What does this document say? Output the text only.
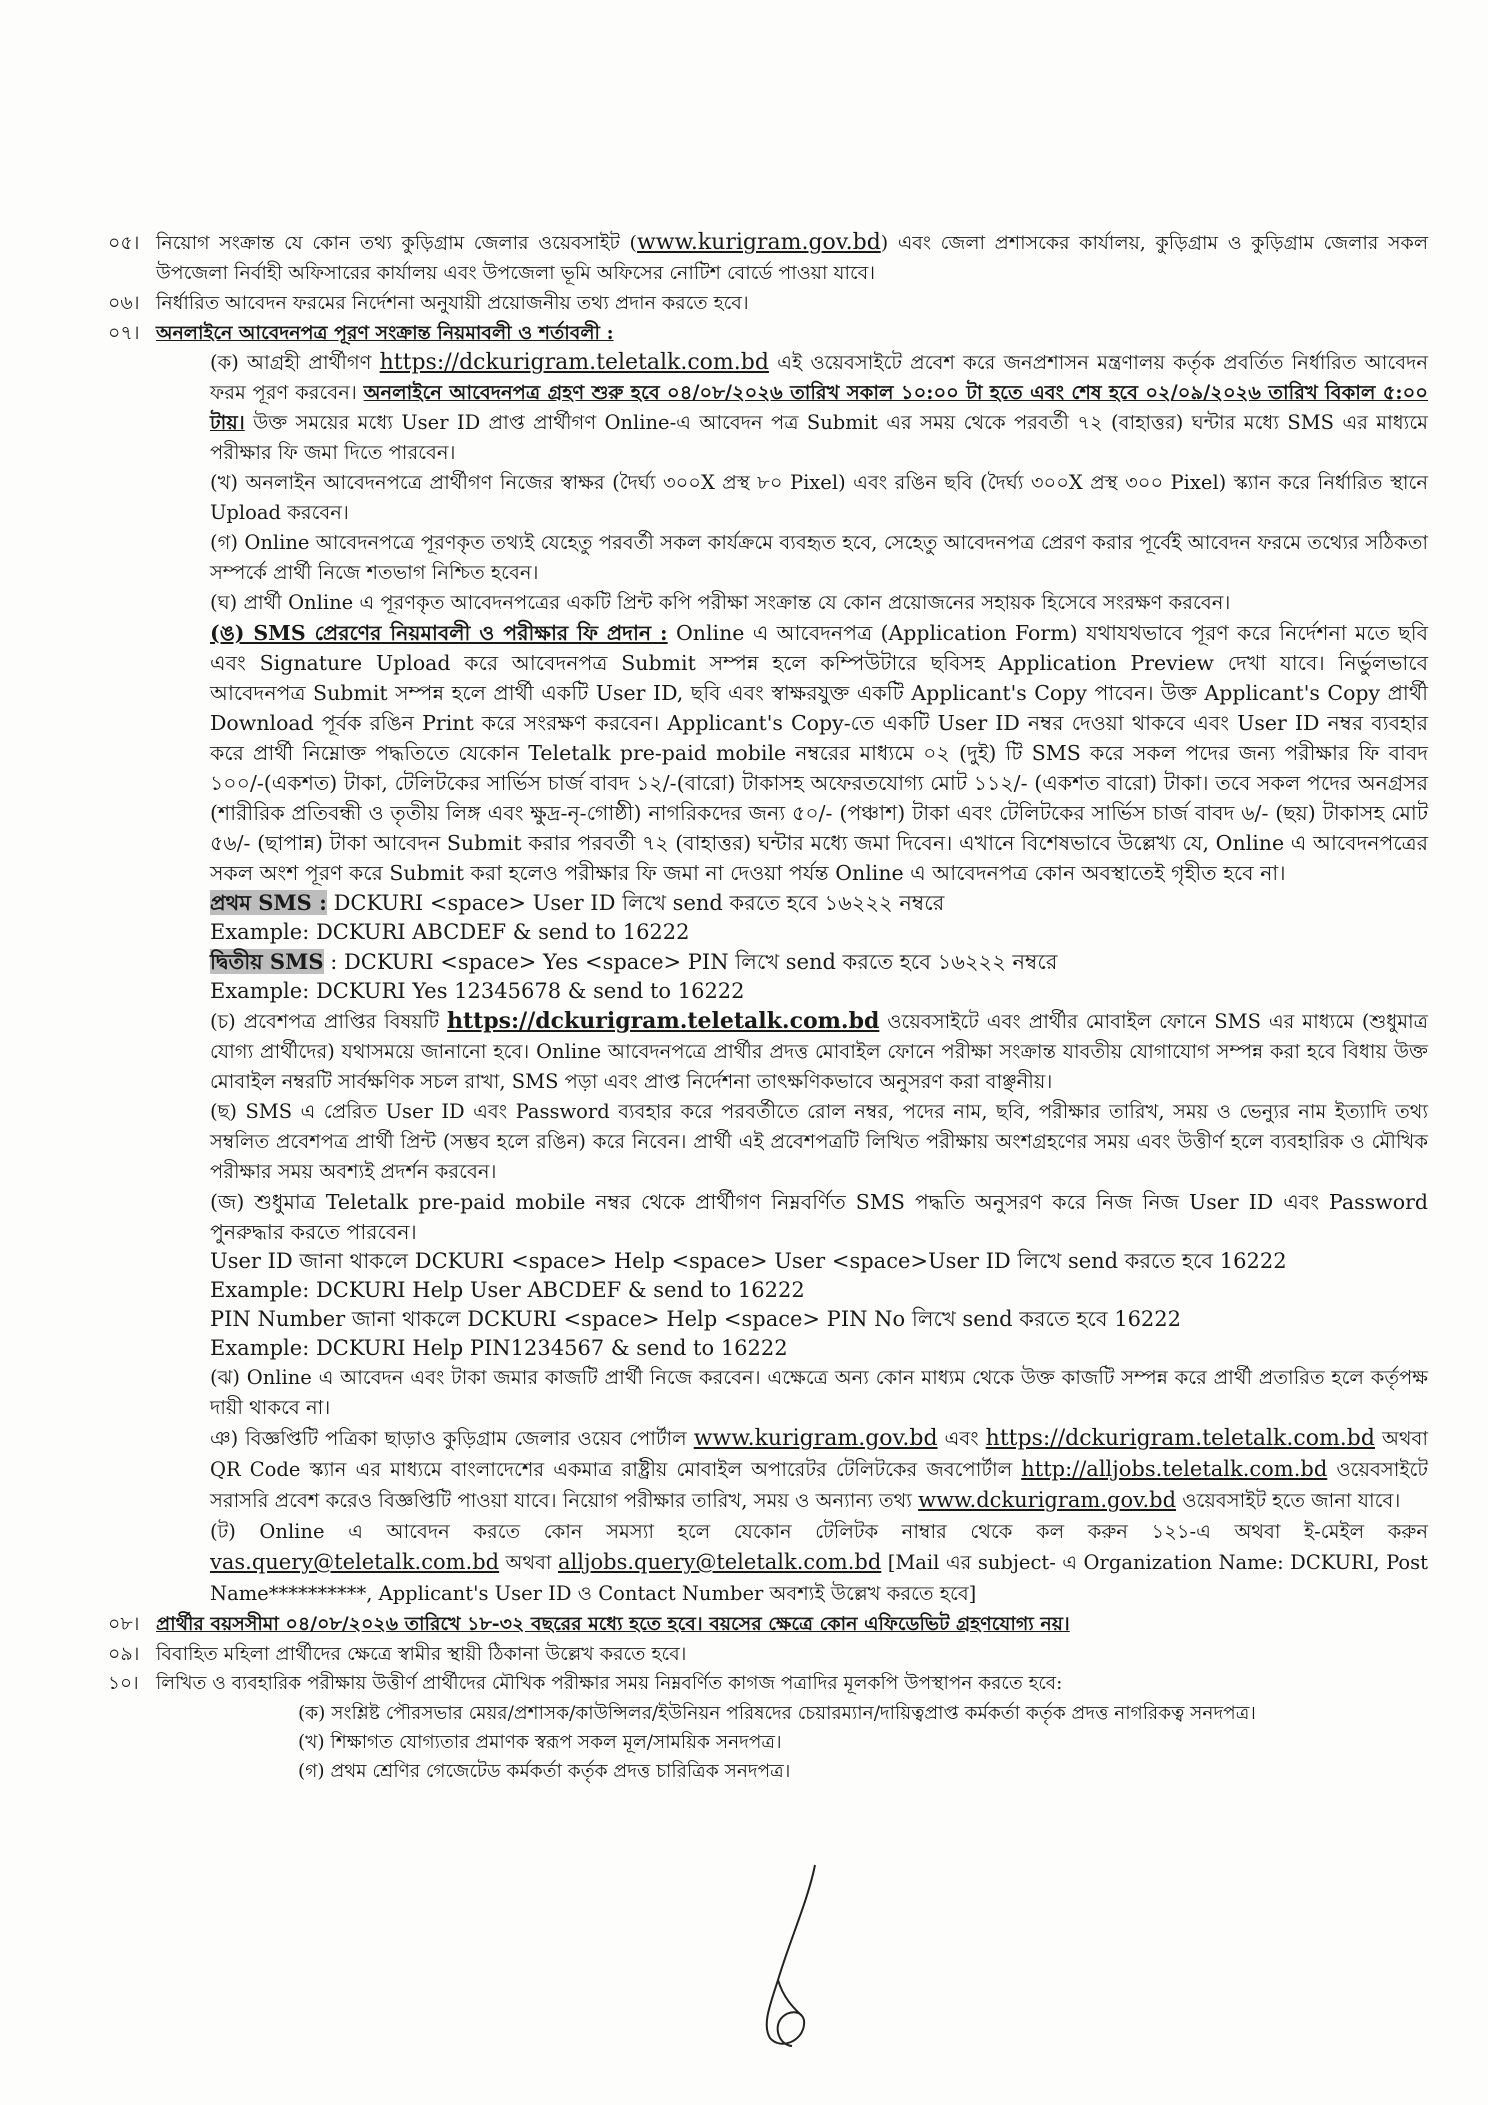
০৫। নিয়োগ সংক্রান্ত যে কোন তথ্য কুড়িগ্রাম জেলার ওয়েবসাইট (www.kurigram.gov.bd) এবং জেলা প্রশাসকের কার্যালয়, কুড়িগ্রাম ও কুড়িগ্রাম জেলার সকল উপজেলা নির্বাহী অফিসারের কার্যালয় এবং উপজেলা ভূমি অফিসের নোটিশ বোর্ডে পাওয়া যাবে।
০৬। নির্ধারিত আবেদন ফরমের নির্দেশনা অনুযায়ী প্রয়োজনীয় তথ্য প্রদান করতে হবে।
০৭। অনলাইনে আবেদনপত্র পূরণ সংক্রান্ত নিয়মাবলী ও শর্তাবলী :
(ক) আগ্রহী প্রার্থীগণ https://dckurigram.teletalk.com.bd এই ওয়েবসাইটে প্রবেশ করে জনপ্রশাসন মন্ত্রণালয় কর্তৃক প্রবর্তিত নির্ধারিত আবেদন ফরম পূরণ করবেন। অনলাইনে আবেদনপত্র গ্রহণ শুরু হবে ০৪/০৮/২০২৬ তারিখ সকাল ১০:০০ টা হতে এবং শেষ হবে ০২/০৯/২০২৬ তারিখ বিকাল ৫:০০ টায়। উক্ত সময়ের মধ্যে User ID প্রাপ্ত প্রার্থীগণ Online-এ আবেদন পত্র Submit এর সময় থেকে পরবর্তী ৭২ (বাহাত্তর) ঘন্টার মধ্যে SMS এর মাধ্যমে পরীক্ষার ফি জমা দিতে পারবেন।
(খ) অনলাইন আবেদনপত্রে প্রার্থীগণ নিজের স্বাক্ষর (দৈর্ঘ্য ৩০০X প্রস্থ ৮০ Pixel) এবং রঙিন ছবি (দৈর্ঘ্য ৩০০X প্রস্থ ৩০০ Pixel) স্ক্যান করে নির্ধারিত স্থানে Upload করবেন।
(গ) Online আবেদনপত্রে পূরণকৃত তথ্যই যেহেতু পরবর্তী সকল কার্যক্রমে ব্যবহৃত হবে, সেহেতু আবেদনপত্র প্রেরণ করার পূর্বেই আবেদন ফরমে তথ্যের সঠিকতা সম্পর্কে প্রার্থী নিজে শতভাগ নিশ্চিত হবেন।
(ঘ) প্রার্থী Online এ পূরণকৃত আবেদনপত্রের একটি প্রিন্ট কপি পরীক্ষা সংক্রান্ত যে কোন প্রয়োজনের সহায়ক হিসেবে সংরক্ষণ করবেন।
(ঙ) SMS প্রেরণের নিয়মাবলী ও পরীক্ষার ফি প্রদান : Online এ আবেদনপত্র (Application Form) যথাযথভাবে পূরণ করে নির্দেশনা মতে ছবি এবং Signature Upload করে আবেদনপত্র Submit সম্পন্ন হলে কম্পিউটারে ছবিসহ Application Preview দেখা যাবে। নির্ভুলভাবে আবেদনপত্র Submit সম্পন্ন হলে প্রার্থী একটি User ID, ছবি এবং স্বাক্ষরযুক্ত একটি Applicant's Copy পাবেন। উক্ত Applicant's Copy প্রার্থী Download পূর্বক রঙিন Print করে সংরক্ষণ করবেন। Applicant's Copy-তে একটি User ID নম্বর দেওয়া থাকবে এবং User ID নম্বর ব্যবহার করে প্রার্থী নিম্নোক্ত পদ্ধতিতে যেকোন Teletalk pre-paid mobile নম্বরের মাধ্যমে ০২ (দুই) টি SMS করে সকল পদের জন্য পরীক্ষার ফি বাবদ ১০০/-(একশত) টাকা, টেলিটকের সার্ভিস চার্জ বাবদ ১২/-(বারো) টাকাসহ অফেরতযোগ্য মোট ১১২/- (একশত বারো) টাকা। তবে সকল পদের অনগ্রসর (শারীরিক প্রতিবন্ধী ও তৃতীয় লিঙ্গ এবং ক্ষুদ্র-নৃ-গোষ্ঠী) নাগরিকদের জন্য ৫০/- (পঞ্চাশ) টাকা এবং টেলিটকের সার্ভিস চার্জ বাবদ ৬/- (ছয়) টাকাসহ মোট ৫৬/- (ছাপান্ন) টাকা আবেদন Submit করার পরবর্তী ৭২ (বাহাত্তর) ঘন্টার মধ্যে জমা দিবেন। এখানে বিশেষভাবে উল্লেখ্য যে, Online এ আবেদনপত্রের সকল অংশ পূরণ করে Submit করা হলেও পরীক্ষার ফি জমা না দেওয়া পর্যন্ত Online এ আবেদনপত্র কোন অবস্থাতেই গৃহীত হবে না।
প্রথম SMS : DCKURI <space> User ID লিখে send করতে হবে ১৬২২২ নম্বরে
Example: DCKURI ABCDEF & send to 16222
দ্বিতীয় SMS : DCKURI <space> Yes <space> PIN লিখে send করতে হবে ১৬২২২ নম্বরে
Example: DCKURI Yes 12345678 & send to 16222
(চ) প্রবেশপত্র প্রাপ্তির বিষয়টি https://dckurigram.teletalk.com.bd ওয়েবসাইটে এবং প্রার্থীর মোবাইল ফোনে SMS এর মাধ্যমে (শুধুমাত্র যোগ্য প্রার্থীদের) যথাসময়ে জানানো হবে। Online আবেদনপত্রে প্রার্থীর প্রদত্ত মোবাইল ফোনে পরীক্ষা সংক্রান্ত যাবতীয় যোগাযোগ সম্পন্ন করা হবে বিধায় উক্ত মোবাইল নম্বরটি সার্বক্ষণিক সচল রাখা, SMS পড়া এবং প্রাপ্ত নির্দেশনা তাৎক্ষণিকভাবে অনুসরণ করা বাঞ্ছনীয়।
(ছ) SMS এ প্রেরিত User ID এবং Password ব্যবহার করে পরবর্তীতে রোল নম্বর, পদের নাম, ছবি, পরীক্ষার তারিখ, সময় ও ভেন্যুর নাম ইত্যাদি তথ্য সম্বলিত প্রবেশপত্র প্রার্থী প্রিন্ট (সম্ভব হলে রঙিন) করে নিবেন। প্রার্থী এই প্রবেশপত্রটি লিখিত পরীক্ষায় অংশগ্রহণের সময় এবং উত্তীর্ণ হলে ব্যবহারিক ও মৌখিক পরীক্ষার সময় অবশ্যই প্রদর্শন করবেন।
(জ) শুধুমাত্র Teletalk pre-paid mobile নম্বর থেকে প্রার্থীগণ নিম্নবর্ণিত SMS পদ্ধতি অনুসরণ করে নিজ নিজ User ID এবং Password পুনরুদ্ধার করতে পারবেন।
User ID জানা থাকলে DCKURI <space> Help <space> User <space>User ID লিখে send করতে হবে 16222
Example: DCKURI Help User ABCDEF & send to 16222
PIN Number জানা থাকলে DCKURI <space> Help <space> PIN No লিখে send করতে হবে 16222
Example: DCKURI Help PIN1234567 & send to 16222
(ঝ) Online এ আবেদন এবং টাকা জমার কাজটি প্রার্থী নিজে করবেন। এক্ষেত্রে অন্য কোন মাধ্যম থেকে উক্ত কাজটি সম্পন্ন করে প্রার্থী প্রতারিত হলে কর্তৃপক্ষ দায়ী থাকবে না।
ঞ) বিজ্ঞপ্তিটি পত্রিকা ছাড়াও কুড়িগ্রাম জেলার ওয়েব পোর্টাল www.kurigram.gov.bd এবং https://dckurigram.teletalk.com.bd অথবা QR Code স্ক্যান এর মাধ্যমে বাংলাদেশের একমাত্র রাষ্ট্রীয় মোবাইল অপারেটর টেলিটকের জবপোর্টাল http://alljobs.teletalk.com.bd ওয়েবসাইটে সরাসরি প্রবেশ করেও বিজ্ঞপ্তিটি পাওয়া যাবে। নিয়োগ পরীক্ষার তারিখ, সময় ও অন্যান্য তথ্য www.dckurigram.gov.bd ওয়েবসাইট হতে জানা যাবে।
(ট) Online এ আবেদন করতে কোন সমস্যা হলে যেকোন টেলিটক নাম্বার থেকে কল করুন ১২১-এ অথবা ই-মেইল করুন vas.query@teletalk.com.bd অথবা alljobs.query@teletalk.com.bd [Mail এর subject- এ Organization Name: DCKURI, Post Name**********, Applicant's User ID ও Contact Number অবশ্যই উল্লেখ করতে হবে]
০৮। প্রার্থীর বয়সসীমা ০৪/০৮/২০২৬ তারিখে ১৮-৩২ বছরের মধ্যে হতে হবে। বয়সের ক্ষেত্রে কোন এফিডেভিট গ্রহণযোগ্য নয়।
০৯। বিবাহিত মহিলা প্রার্থীদের ক্ষেত্রে স্বামীর স্থায়ী ঠিকানা উল্লেখ করতে হবে।
১০। লিখিত ও ব্যবহারিক পরীক্ষায় উত্তীর্ণ প্রার্থীদের মৌখিক পরীক্ষার সময় নিম্নবর্ণিত কাগজ পত্রাদির মূলকপি উপস্থাপন করতে হবে:
(ক) সংশ্লিষ্ট পৌরসভার মেয়র/প্রশাসক/কাউন্সিলর/ইউনিয়ন পরিষদের চেয়ারম্যান/দায়িত্বপ্রাপ্ত কর্মকর্তা কর্তৃক প্রদত্ত নাগরিকত্ব সনদপত্র।
(খ) শিক্ষাগত যোগ্যতার প্রমাণক স্বরূপ সকল মূল/সাময়িক সনদপত্র।
(গ) প্রথম শ্রেণির গেজেটেড কর্মকর্তা কর্তৃক প্রদত্ত চারিত্রিক সনদপত্র।
